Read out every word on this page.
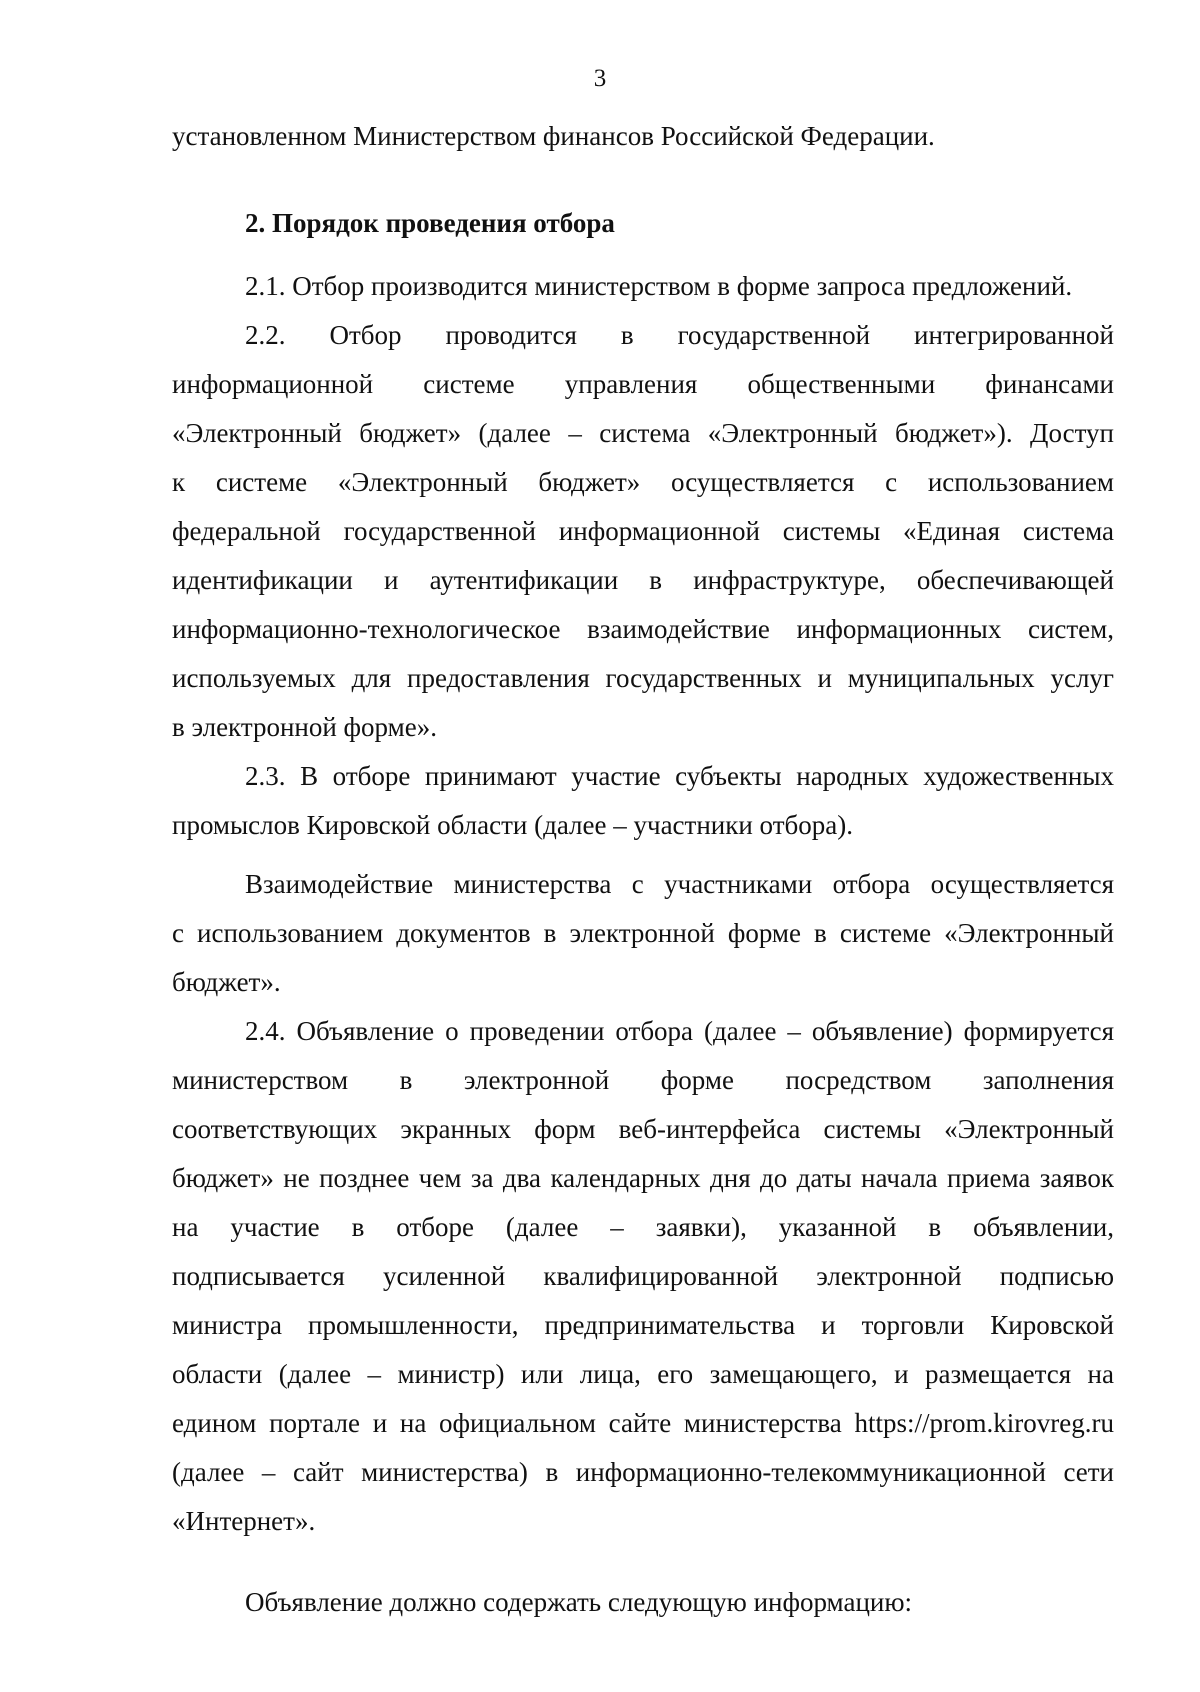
3
установленном Министерством финансов Российской Федерации.
2. Порядок проведения отбора
2.1. Отбор производится министерством в форме запроса предложений.
2.2. Отбор проводится в государственной интегрированной
информационной системе управления общественными финансами
«Электронный бюджет» (далее – система «Электронный бюджет»). Доступ
к системе «Электронный бюджет» осуществляется с использованием
федеральной государственной информационной системы «Единая система
идентификации и аутентификации в инфраструктуре, обеспечивающей
информационно-технологическое взаимодействие информационных систем,
используемых для предоставления государственных и муниципальных услуг
в электронной форме».
2.3. В отборе принимают участие субъекты народных художественных
промыслов Кировской области (далее – участники отбора).
Взаимодействие министерства с участниками отбора осуществляется
с использованием документов в электронной форме в системе «Электронный
бюджет».
2.4. Объявление о проведении отбора (далее – объявление) формируется
министерством в электронной форме посредством заполнения
соответствующих экранных форм веб-интерфейса системы «Электронный
бюджет» не позднее чем за два календарных дня до даты начала приема заявок
на участие в отборе (далее – заявки), указанной в объявлении,
подписывается усиленной квалифицированной электронной подписью
министра промышленности, предпринимательства и торговли Кировской
области (далее – министр) или лица, его замещающего, и размещается на
едином портале и на официальном сайте министерства https://prom.kirovreg.ru
(далее – сайт министерства) в информационно-телекоммуникационной сети
«Интернет».
Объявление должно содержать следующую информацию:
